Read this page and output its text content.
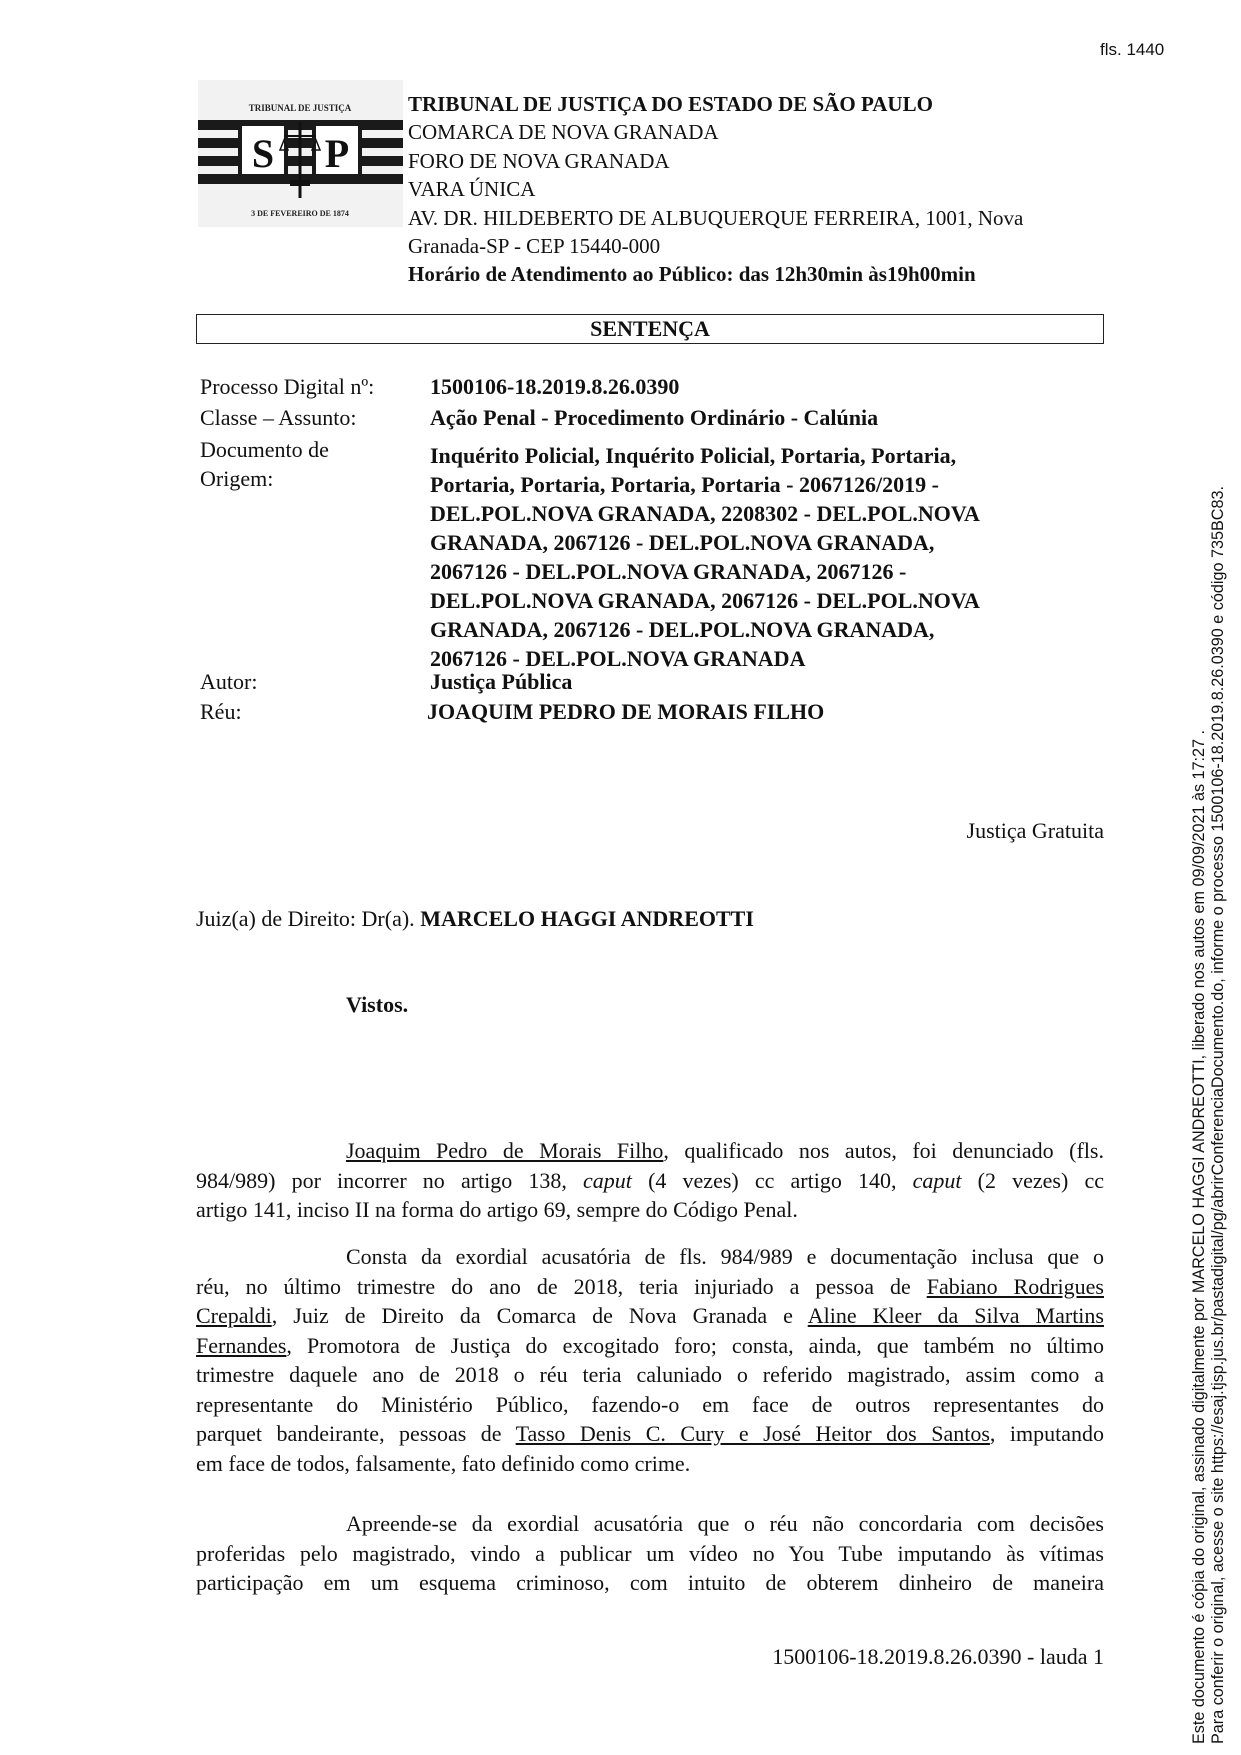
fls. 1440
TRIBUNAL DE JUSTIÇA
S P
3 DE FEVEREIRO DE 1874
TRIBUNAL DE JUSTIÇA DO ESTADO DE SÃO PAULO
COMARCA DE NOVA GRANADA
FORO DE NOVA GRANADA
VARA ÚNICA
AV. DR. HILDEBERTO DE ALBUQUERQUE FERREIRA, 1001, Nova
Granada-SP - CEP 15440-000
Horário de Atendimento ao Público: das 12h30min às19h00min
SENTENÇA
Processo Digital nº:	1500106-18.2019.8.26.0390
Classe – Assunto:	Ação Penal - Procedimento Ordinário - Calúnia
Documento de
Origem:
Inquérito Policial, Inquérito Policial, Portaria, Portaria,
Portaria, Portaria, Portaria, Portaria - 2067126/2019 -
DEL.POL.NOVA GRANADA, 2208302 - DEL.POL.NOVA
GRANADA, 2067126 - DEL.POL.NOVA GRANADA,
2067126 - DEL.POL.NOVA GRANADA, 2067126 -
DEL.POL.NOVA GRANADA, 2067126 - DEL.POL.NOVA
GRANADA, 2067126 - DEL.POL.NOVA GRANADA,
2067126 - DEL.POL.NOVA GRANADA
Autor:	Justiça Pública
Réu:	JOAQUIM PEDRO DE MORAIS FILHO
Justiça Gratuita
Juiz(a) de Direito: Dr(a). MARCELO HAGGI ANDREOTTI
Vistos.
Joaquim Pedro de Morais Filho, qualificado nos autos, foi denunciado (fls.
984/989) por incorrer no artigo 138, caput (4 vezes) cc artigo 140, caput (2 vezes) cc
artigo 141, inciso II na forma do artigo 69, sempre do Código Penal.
Consta da exordial acusatória de fls. 984/989 e documentação inclusa que o
réu, no último trimestre do ano de 2018, teria injuriado a pessoa de Fabiano Rodrigues
Crepaldi, Juiz de Direito da Comarca de Nova Granada e Aline Kleer da Silva Martins
Fernandes, Promotora de Justiça do excogitado foro; consta, ainda, que também no último
trimestre daquele ano de 2018 o réu teria caluniado o referido magistrado, assim como a
representante do Ministério Público, fazendo-o em face de outros representantes do
parquet bandeirante, pessoas de Tasso Denis C. Cury e José Heitor dos Santos, imputando
em face de todos, falsamente, fato definido como crime.
Apreende-se da exordial acusatória que o réu não concordaria com decisões
proferidas pelo magistrado, vindo a publicar um vídeo no You Tube imputando às vítimas
participação em um esquema criminoso, com intuito de obterem dinheiro de maneira
1500106-18.2019.8.26.0390 - lauda 1	Este documento é cópia do original, assinado digitalmente por MARCELO HAGGI ANDREOTTI, liberado nos autos em 09/09/2021 às 17:27 . Para conferir o original, acesse o site https://esaj.tjsp.jus.br/pastadigital/pg/abrirConferenciaDocumento.do, informe o processo 1500106-18.2019.8.26.0390 e código 735BC83.
